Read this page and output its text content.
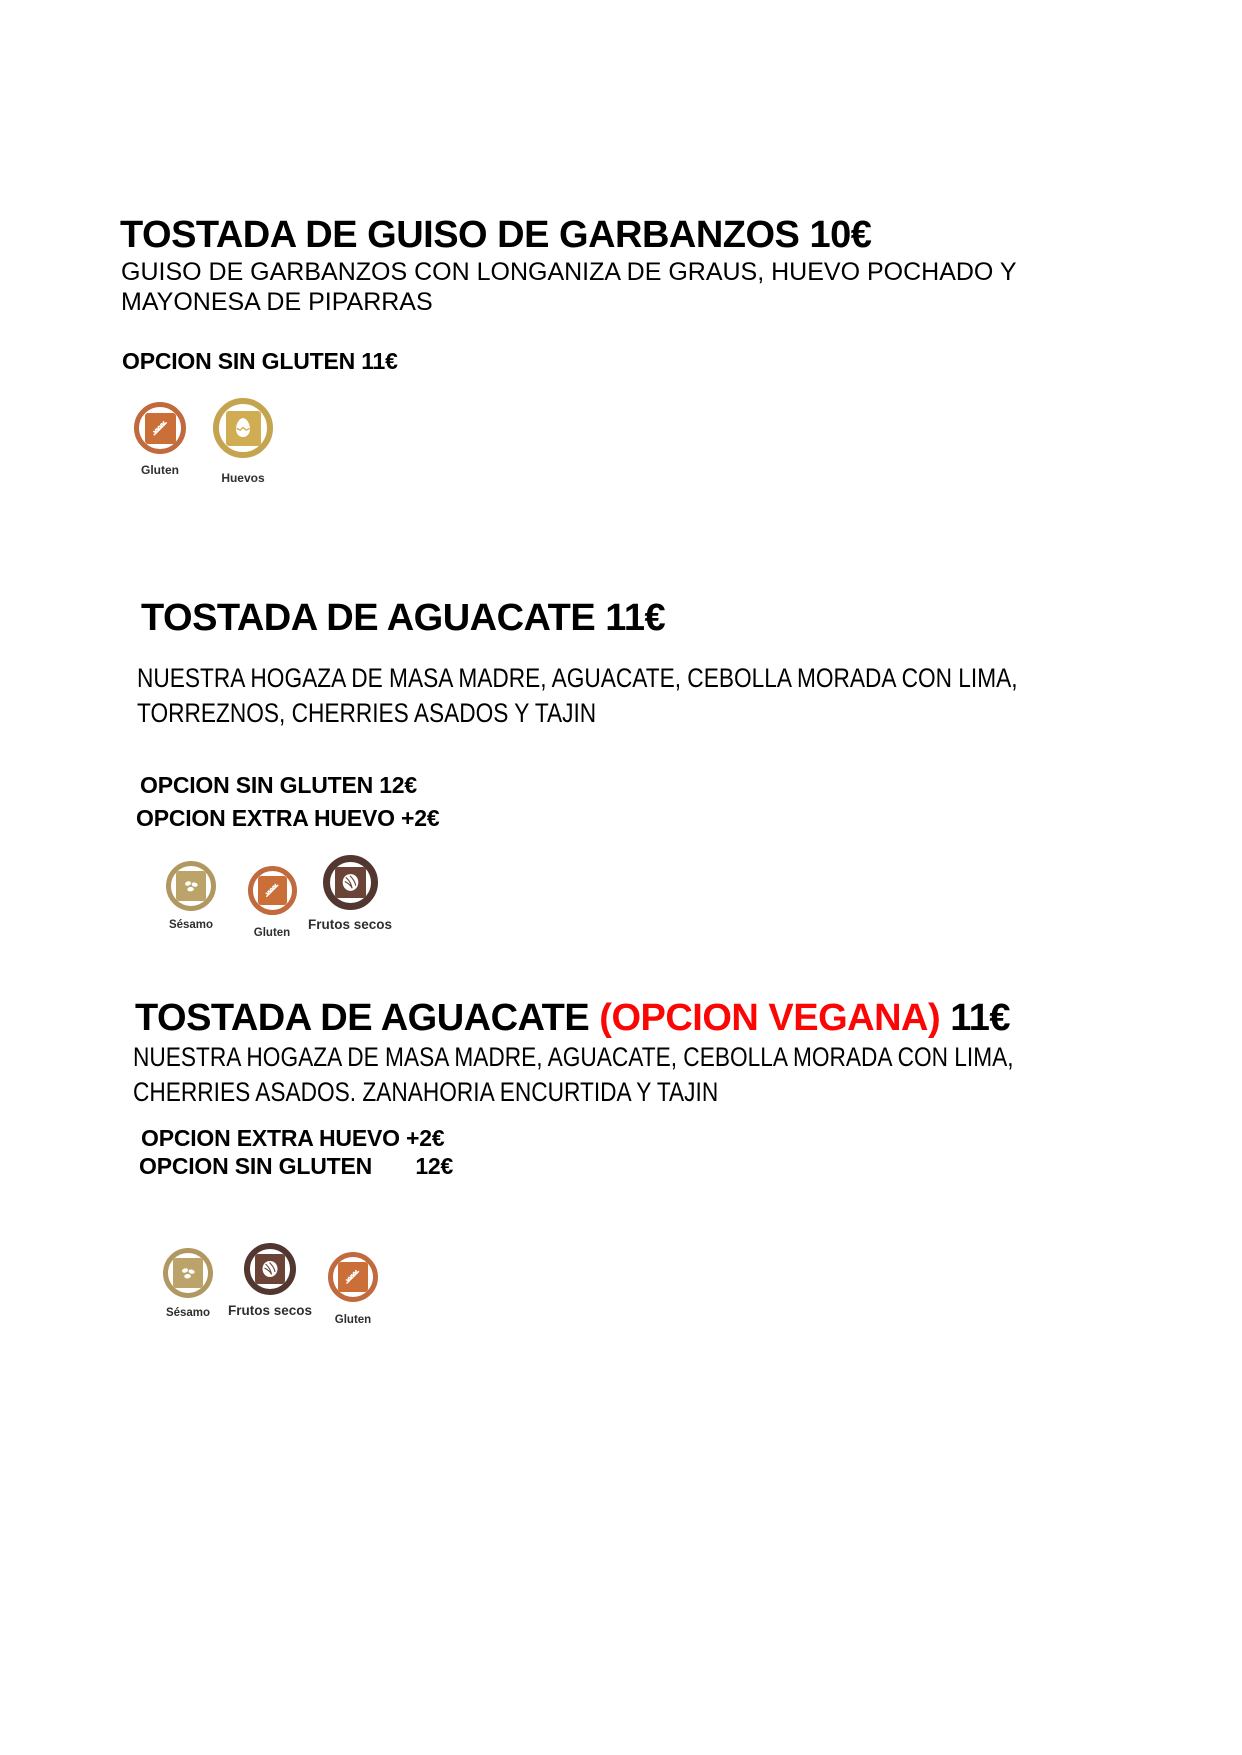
TOSTADA DE GUISO DE GARBANZOS 10€
GUISO DE GARBANZOS CON LONGANIZA DE GRAUS, HUEVO POCHADO Y
MAYONESA DE PIPARRAS
OPCION SIN GLUTEN 11€
Gluten
Huevos
TOSTADA DE AGUACATE 11€
NUESTRA HOGAZA DE MASA MADRE, AGUACATE, CEBOLLA MORADA CON LIMA,
TORREZNOS, CHERRIES ASADOS Y TAJIN
OPCION SIN GLUTEN 12€
OPCION EXTRA HUEVO +2€
Sésamo
Gluten
Frutos secos
TOSTADA DE AGUACATE (OPCION VEGANA) 11€
NUESTRA HOGAZA DE MASA MADRE, AGUACATE, CEBOLLA MORADA CON LIMA,
CHERRIES ASADOS. ZANAHORIA ENCURTIDA Y TAJIN
OPCION EXTRA HUEVO +2€
OPCION SIN GLUTEN       12€
Sésamo Frutos secos
Gluten
